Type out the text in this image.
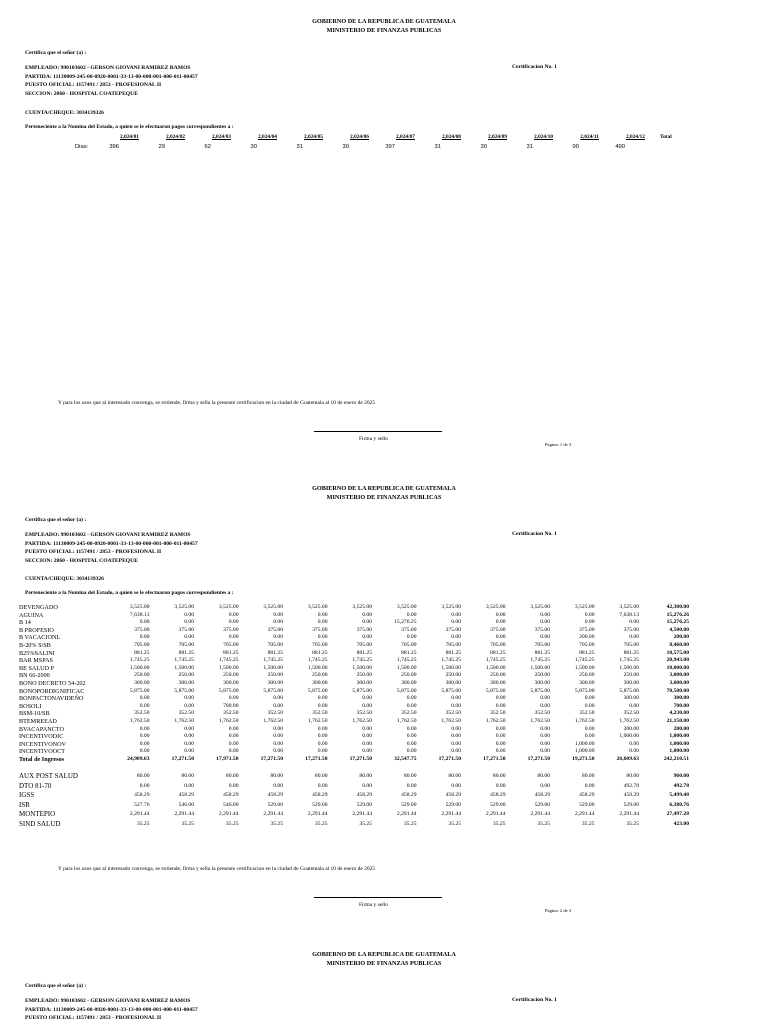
GOBIERNO DE LA REPUBLICA DE GUATEMALA
MINISTERIO DE FINANZAS PUBLICAS
Certifica que el señor (a) :
EMPLEADO: 990103602 - GERSON GIOVANI RAMIREZ RAMOS
PARTIDA: 11130009-245-00-0920-0001-33-13-00-000-001-000-011-00457
PUESTO OFICIAL: 1157491 / 2853 - PROFESIONAL II
SECCION: 2860 - HOSPITAL COATEPEQUE
Certificacion No. 1
CUENTA/CHEQUE: 3034139326
Perteneciente a la Nomina del Estado, a quien se le efectuaron pagos correspondientes a :
Dias:
2,024/01	2,024/02	2,024/03	2,024/04	2,024/05	2,024/06	2,024/07	2,024/08	2,024/09	2,024/10	2,024/11	2,024/12	Total
396	29	62	30	31	30	397	31	30	31	90	490
Y para los usos que al interesado convenga, se extiende, firma y sella la presente certificacion en la ciudad de Guatemala al 10 de enero de 2025
Firma y sello
Pagina: 1 de 3
GOBIERNO DE LA REPUBLICA DE GUATEMALA
MINISTERIO DE FINANZAS PUBLICAS
Certifica que el señor (a) :
EMPLEADO: 990103602 - GERSON GIOVANI RAMIREZ RAMOS
PARTIDA: 11130009-245-00-0920-0001-33-13-00-000-001-000-011-00457
PUESTO OFICIAL: 1157491 / 2853 - PROFESIONAL II
SECCION: 2860 - HOSPITAL COATEPEQUE
Certificacion No. 1
CUENTA/CHEQUE: 3034139326
Perteneciente a la Nomina del Estado, a quien se le efectuaron pagos correspondientes a :
DEVENGADO	3,525.00	3,525.00	3,525.00	3,525.00	3,525.00	3,525.00	3,525.00	3,525.00	3,525.00	3,525.00	3,525.00	3,525.00	42,300.00
AGUINA	7,638.13	0.00	0.00	0.00	0.00	0.00	0.00	0.00	0.00	0.00	0.00	7,638.13	15,276.26
B 14	0.00	0.00	0.00	0.00	0.00	0.00	15,276.25	0.00	0.00	0.00	0.00	0.00	15,276.25
B PROFESIO	375.00	375.00	375.00	375.00	375.00	375.00	375.00	375.00	375.00	375.00	375.00	375.00	4,500.00
B VACACIONL	0.00	0.00	0.00	0.00	0.00	0.00	0.00	0.00	0.00	0.00	200.00	0.00	200.00
B-20% S/SB	705.00	705.00	705.00	705.00	705.00	705.00	705.00	705.00	705.00	705.00	705.00	705.00	8,460.00
B25%SALINI	881.25	881.25	881.25	881.25	881.25	881.25	881.25	881.25	881.25	881.25	881.25	881.25	10,575.00
BAR MSPAS	1,745.25	1,745.25	1,745.25	1,745.25	1,745.25	1,745.25	1,745.25	1,745.25	1,745.25	1,745.25	1,745.25	1,745.25	20,943.00
BE SALUD P	1,500.00	1,500.00	1,500.00	1,500.00	1,500.00	1,500.00	1,500.00	1,500.00	1,500.00	1,500.00	1,500.00	1,500.00	18,000.00
BN 66-2000	250.00	250.00	250.00	250.00	250.00	250.00	250.00	250.00	250.00	250.00	250.00	250.00	3,000.00
BONO DECRETO 54-202	300.00	300.00	300.00	300.00	300.00	300.00	300.00	300.00	300.00	300.00	300.00	300.00	3,600.00
BONOPORDIGNIFICAC	5,875.00	5,875.00	5,875.00	5,875.00	5,875.00	5,875.00	5,875.00	5,875.00	5,875.00	5,875.00	5,875.00	5,875.00	70,500.00
BONPACTONAVIDEÑO	0.00	0.00	0.00	0.00	0.00	0.00	0.00	0.00	0.00	0.00	0.00	300.00	300.00
BOSOLI	0.00	0.00	700.00	0.00	0.00	0.00	0.00	0.00	0.00	0.00	0.00	0.00	700.00
BSM-10/SB	352.50	352.50	352.50	352.50	352.50	352.50	352.50	352.50	352.50	352.50	352.50	352.50	4,230.00
BTEMREEAD	1,762.50	1,762.50	1,762.50	1,762.50	1,762.50	1,762.50	1,762.50	1,762.50	1,762.50	1,762.50	1,762.50	1,762.50	21,150.00
BVACAPANCTO	0.00	0.00	0.00	0.00	0.00	0.00	0.00	0.00	0.00	0.00	0.00	200.00	200.00
INCENTIVODIC	0.00	0.00	0.00	0.00	0.00	0.00	0.00	0.00	0.00	0.00	0.00	1,000.00	1,000.00
INCENTIVONOV	0.00	0.00	0.00	0.00	0.00	0.00	0.00	0.00	0.00	0.00	1,000.00	0.00	1,000.00
INCENTIVOOCT	0.00	0.00	0.00	0.00	0.00	0.00	0.00	0.00	0.00	0.00	1,000.00	0.00	1,000.00
Total de Ingresos	24,909.63	17,271.50	17,971.50	17,271.50	17,271.50	17,271.50	32,547.75	17,271.50	17,271.50	17,271.50	19,271.50	26,609.63	242,210.51
AUX POST SALUD	80.00	80.00	80.00	80.00	80.00	80.00	80.00	80.00	80.00	80.00	80.00	80.00	960.00
DTO 81-70	0.00	0.00	0.00	0.00	0.00	0.00	0.00	0.00	0.00	0.00	0.00	492.78	492.78
IGSS	458.29	458.29	458.29	458.29	458.29	458.29	458.29	458.29	458.29	458.29	458.29	458.29	5,499.48
ISR	527.76	546.00	546.00	529.00	529.00	529.00	529.00	529.00	529.00	529.00	529.00	529.00	6,380.76
MONTEPIO	2,291.44	2,291.44	2,291.44	2,291.44	2,291.44	2,291.44	2,291.44	2,291.44	2,291.44	2,291.44	2,291.44	2,291.44	27,497.28
SIND SALUD	35.25	35.25	35.25	35.25	35.25	35.25	35.25	35.25	35.25	35.25	35.25	35.25	423.00
Y para los usos que al interesado convenga, se extiende, firma y sella la presente certificacion en la ciudad de Guatemala al 10 de enero de 2025
Firma y sello
Pagina: 2 de 3
GOBIERNO DE LA REPUBLICA DE GUATEMALA
MINISTERIO DE FINANZAS PUBLICAS
Certifica que el señor (a) :
EMPLEADO: 990103602 - GERSON GIOVANI RAMIREZ RAMOS
PARTIDA: 11130009-245-00-0920-0001-33-13-00-000-001-000-011-00457
PUESTO OFICIAL: 1157491 / 2853 - PROFESIONAL II
Certificacion No. 1
